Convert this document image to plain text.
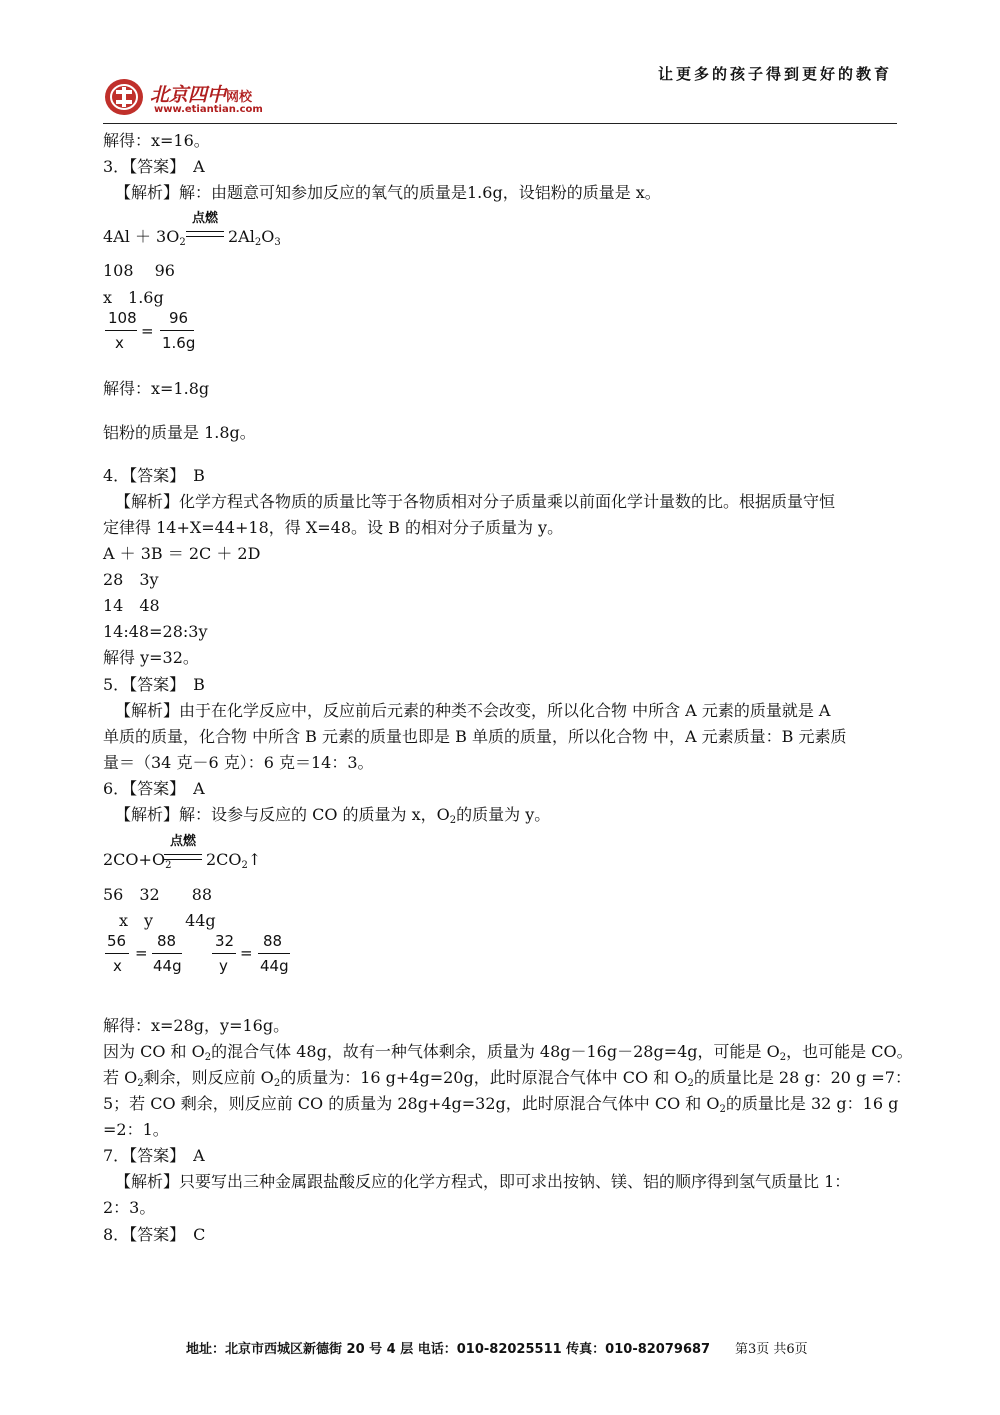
北京四中网校
www.etiantian.com
让更多的孩子得到更好的教育
解得：x=16。
3．【答案】　A
【解析】解：由题意可知参加反应的氧气的质量是1.6g，设铝粉的质量是 x。
$4Al + 3O_2$
点燃
$2Al_2O_3$
108　 96
x　1.6g
108
x
=
96
1.6g
解得：x=1.8g
铝粉的质量是 1.8g。
4．【答案】　B
【解析】化学方程式各物质的质量比等于各物质相对分子质量乘以前面化学计量数的比。根据质量守恒
定律得 14+X=44+18，得 X=48。设 B 的相对分子质量为 y。
A ＋ 3B ＝ 2C ＋ 2D
28　3y
14　48
14:48=28:3y
解得 y=32。
5．【答案】　B
【解析】由于在化学反应中，反应前后元素的种类不会改变，所以化合物 中所含 A 元素的质量就是 A
单质的质量，化合物 中所含 B 元素的质量也即是 B 单质的质量，所以化合物 中，A 元素质量：B 元素质
量＝（34 克－6 克）：6 克＝14：3。
6．【答案】　A
【解析】解：设参与反应的 CO 的质量为 x，$O_2$的质量为 y。
$2CO+O_2$
点燃
$2CO_2↑$
56　32　　88
　x　y　　44g
56
x
=
88
44g
32
y
=
88
44g
解得：x=28g，y=16g。
因为 CO 和 $O_2$的混合气体 48g，故有一种气体剩余，质量为 48g－16g－28g=4g，可能是 $O_2$，也可能是 CO。
若 $O_2$剩余，则反应前 $O_2$的质量为：16 g+4g=20g，此时原混合气体中 CO 和 $O_2$的质量比是 28 g：20 g =7：
5；若 CO 剩余，则反应前 CO 的质量为 28g+4g=32g，此时原混合气体中 CO 和 $O_2$的质量比是 32 g：16 g
=2：1。
7．【答案】　A
【解析】只要写出三种金属跟盐酸反应的化学方程式，即可求出按钠、镁、铝的顺序得到氢气质量比 1：
2：3。
8．【答案】　C
地址：北京市西城区新德街 20 号 4 层 电话：010-82025511 传真：010-82079687 第3页 共6页
